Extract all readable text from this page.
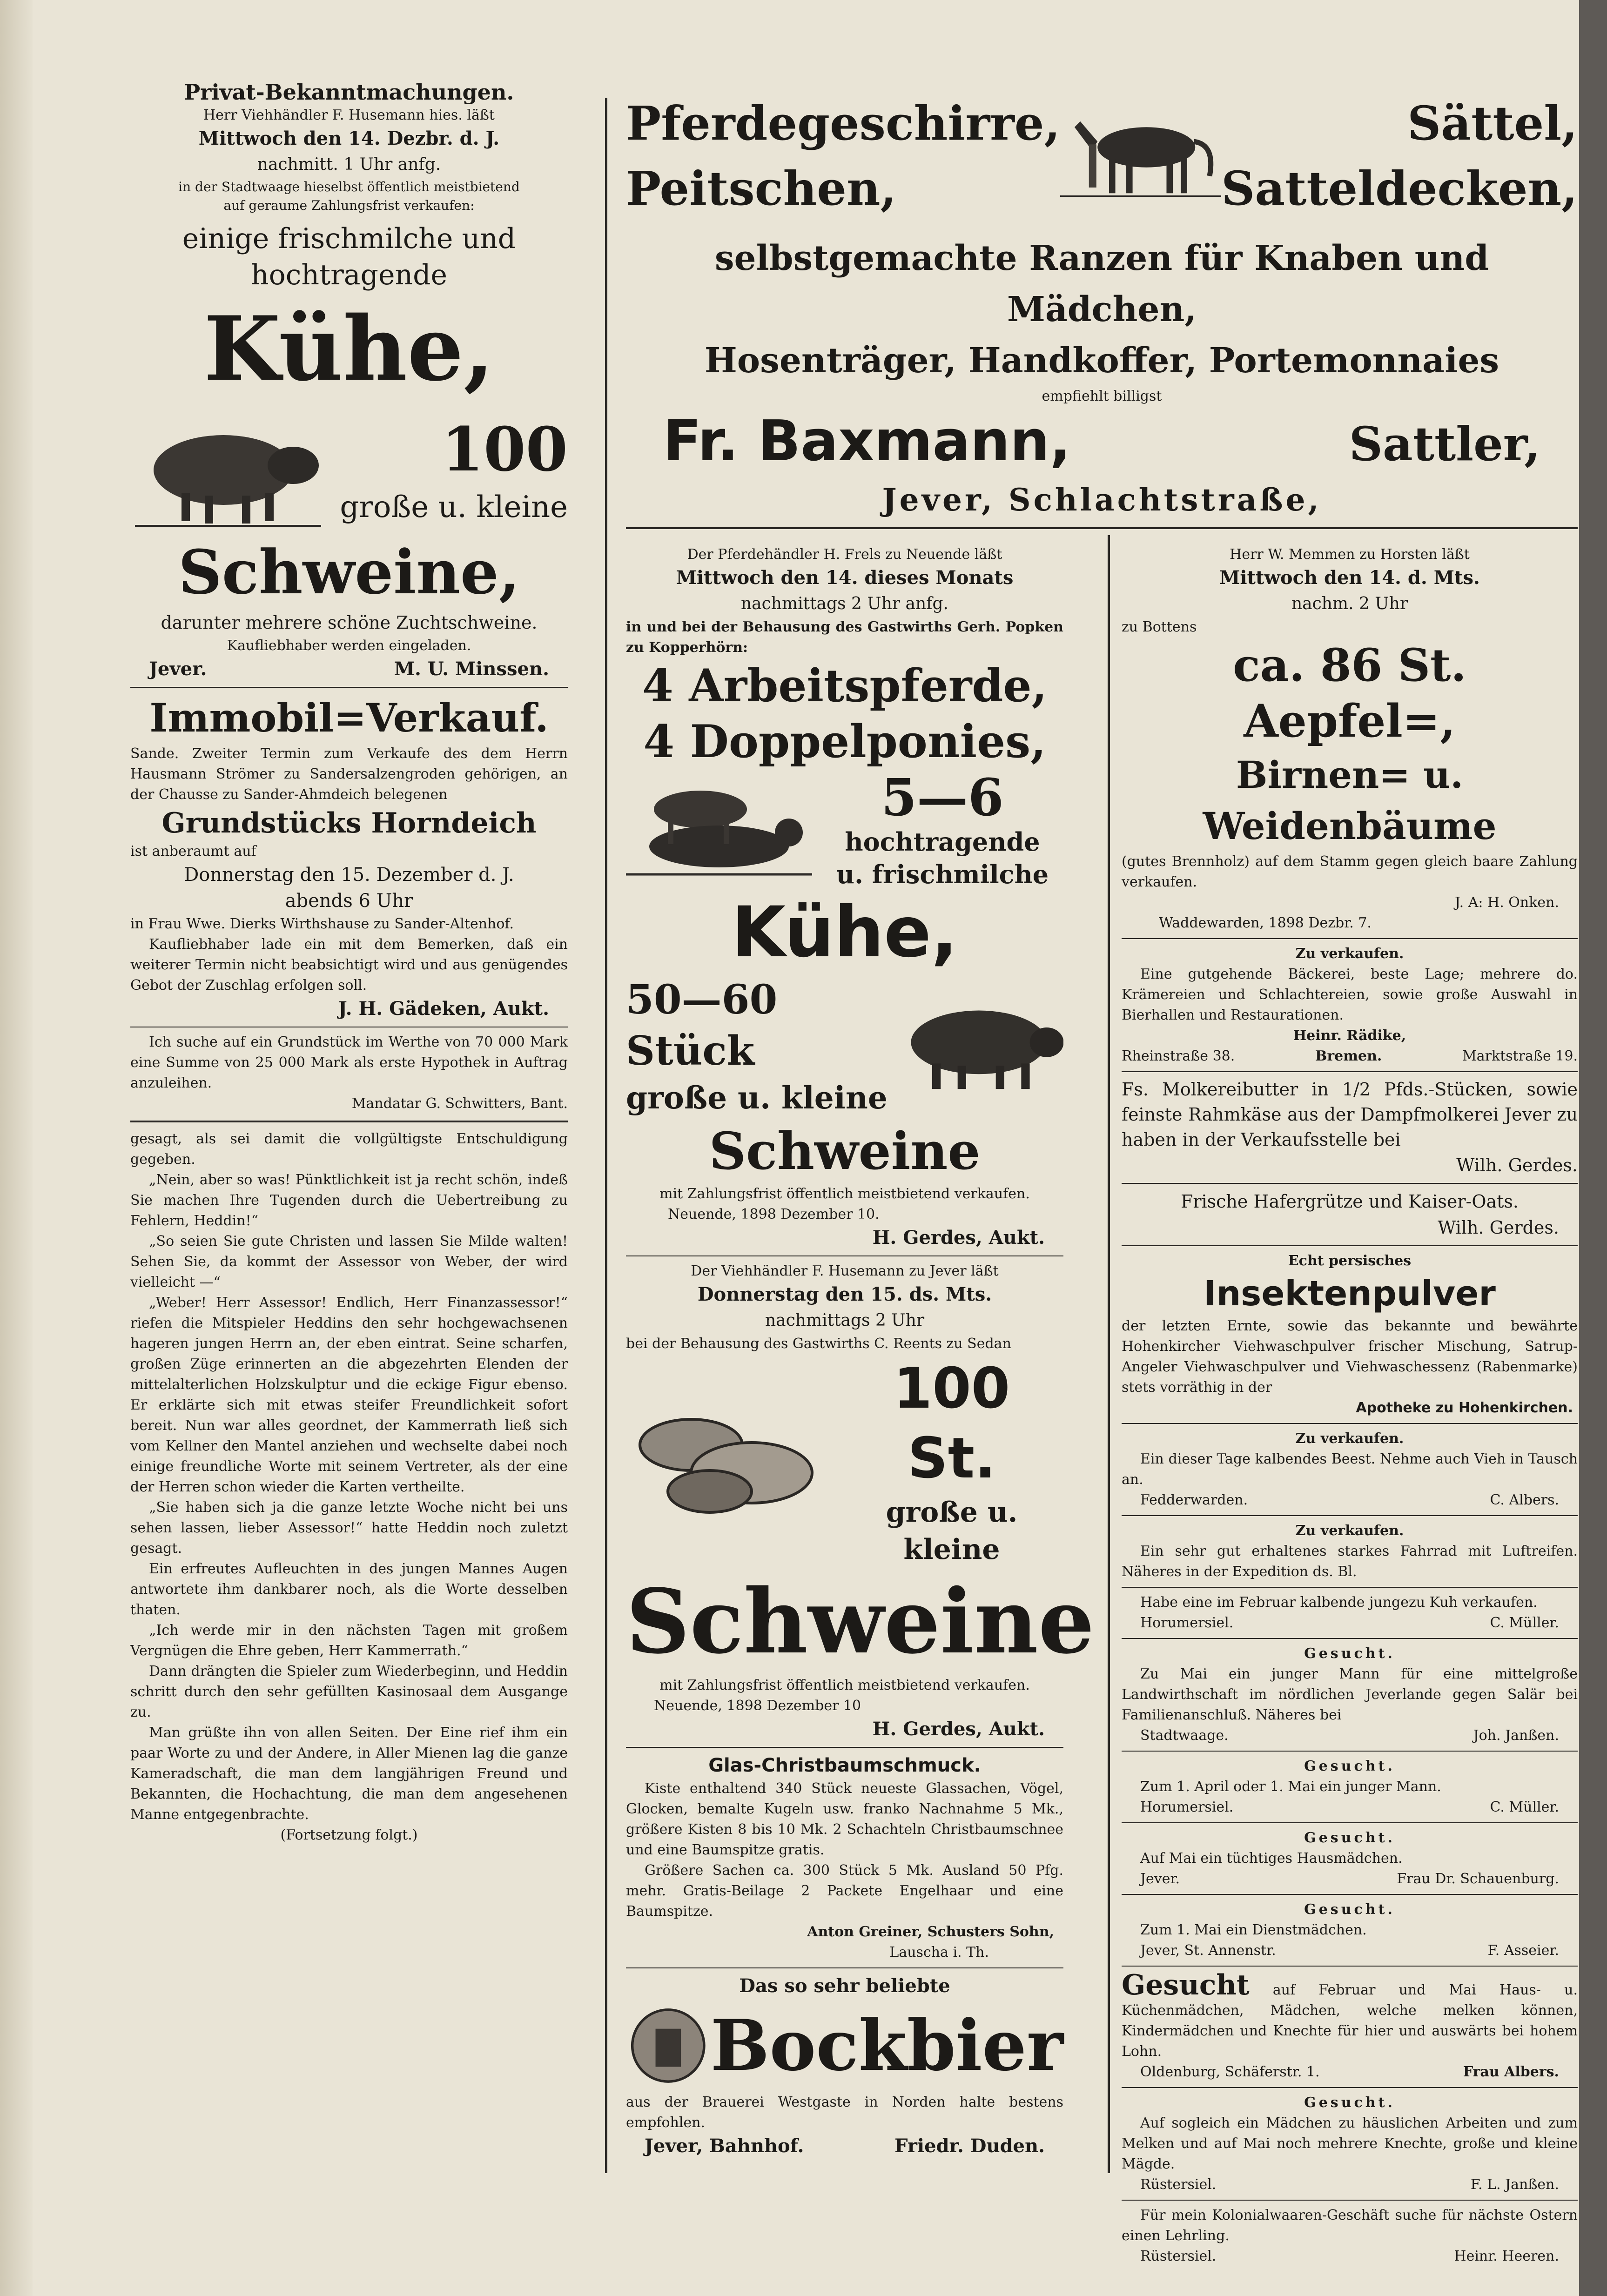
Privat-Bekanntmachungen.
Herr Viehhändler F. Husemann hies. läßt
Mittwoch den 14. Dezbr. d. J.
nachmitt. 1 Uhr anfg.
in der Stadtwaage hieselbst öffentlich meistbietend
auf geraume Zahlungsfrist verkaufen:
einige frischmilche und
hochtragende
Kühe,
100
große u. kleine
Schweine,
darunter mehrere schöne Zuchtschweine.
Kaufliebhaber werden eingeladen.
Jever.	M. U. Minssen.
Immobil=Verkauf.
Sande. Zweiter Termin zum Verkaufe des dem Herrn Hausmann Strömer zu Sandersalzengroden gehörigen, an der Chausse zu Sander-Ahmdeich belegenen
Grundstücks Horndeich
ist anberaumt auf
Donnerstag den 15. Dezember d. J.
abends 6 Uhr
in Frau Wwe. Dierks Wirthshause zu Sander-Altenhof.
Kaufliebhaber lade ein mit dem Bemerken, daß ein weiterer Termin nicht beabsichtigt wird und aus genügendes Gebot der Zuschlag erfolgen soll.
J. H. Gädeken, Aukt.
Ich suche auf ein Grundstück im Werthe von 70 000 Mark eine Summe von 25 000 Mark als erste Hypothek in Auftrag anzuleihen.
Mandatar G. Schwitters, Bant.
gesagt, als sei damit die vollgültigste Entschuldigung gegeben.
„Nein, aber so was! Pünktlichkeit ist ja recht schön, indeß Sie machen Ihre Tugenden durch die Uebertreibung zu Fehlern, Heddin!“
„So seien Sie gute Christen und lassen Sie Milde walten! Sehen Sie, da kommt der Assessor von Weber, der wird vielleicht —“
„Weber! Herr Assessor! Endlich, Herr Finanzassessor!“ riefen die Mitspieler Heddins den sehr hochgewachsenen hageren jungen Herrn an, der eben eintrat. Seine scharfen, großen Züge erinnerten an die abgezehrten Elenden der mittelalterlichen Holzskulptur und die eckige Figur ebenso. Er erklärte sich mit etwas steifer Freundlichkeit sofort bereit. Nun war alles geordnet, der Kammerrath ließ sich vom Kellner den Mantel anziehen und wechselte dabei noch einige freundliche Worte mit seinem Vertreter, als der eine der Herren schon wieder die Karten vertheilte.
„Sie haben sich ja die ganze letzte Woche nicht bei uns sehen lassen, lieber Assessor!“ hatte Heddin noch zuletzt gesagt.
Ein erfreutes Aufleuchten in des jungen Mannes Augen antwortete ihm dankbarer noch, als die Worte desselben thaten.
„Ich werde mir in den nächsten Tagen mit großem Vergnügen die Ehre geben, Herr Kammerrath.“
Dann drängten die Spieler zum Wiederbeginn, und Heddin schritt durch den sehr gefüllten Kasinosaal dem Ausgange zu.
Man grüßte ihn von allen Seiten. Der Eine rief ihm ein paar Worte zu und der Andere, in Aller Mienen lag die ganze Kameradschaft, die man dem langjährigen Freund und Bekannten, die Hochachtung, die man dem angesehenen Manne entgegenbrachte.
(Fortsetzung folgt.)
Pferdegeschirre,
Peitschen,
Sättel,
Satteldecken,
selbstgemachte Ranzen für Knaben und Mädchen,
Hosenträger, Handkoffer, Portemonnaies
empfiehlt billigst
Fr. Baxmann,	Sattler,
Jever, Schlachtstraße,
Der Pferdehändler H. Frels zu Neuende läßt
Mittwoch den 14. dieses Monats
nachmittags 2 Uhr anfg.
in und bei der Behausung des Gastwirths Gerh. Popken zu Kopperhörn:
4 Arbeitspferde,
4 Doppelponies,
5—6
hochtragende
u. frischmilche
Kühe,
50—60 Stück
große u. kleine
Schweine
mit Zahlungsfrist öffentlich meistbietend verkaufen.
Neuende, 1898 Dezember 10.
H. Gerdes, Aukt.
Der Viehhändler F. Husemann zu Jever läßt
Donnerstag den 15. ds. Mts.
nachmittags 2 Uhr
bei der Behausung des Gastwirths C. Reents zu Sedan
100 St.
große u. kleine
Schweine
mit Zahlungsfrist öffentlich meistbietend verkaufen.
Neuende, 1898 Dezember 10
H. Gerdes, Aukt.
Glas-Christbaumschmuck.
Kiste enthaltend 340 Stück neueste Glassachen, Vögel, Glocken, bemalte Kugeln usw. franko Nachnahme 5 Mk., größere Kisten 8 bis 10 Mk. 2 Schachteln Christbaumschnee und eine Baumspitze gratis.
Größere Sachen ca. 300 Stück 5 Mk. Ausland 50 Pfg. mehr. Gratis-Beilage 2 Packete Engelhaar und eine Baumspitze.
Anton Greiner, Schusters Sohn,
Lauscha i. Th.
Das so sehr beliebte
Bockbier
aus der Brauerei Westgaste in Norden halte bestens empfohlen.
Jever, Bahnhof.	Friedr. Duden.
Herr W. Memmen zu Horsten läßt
Mittwoch den 14. d. Mts.
nachm. 2 Uhr
zu Bottens
ca. 86 St. Aepfel=,
Birnen= u. Weidenbäume
(gutes Brennholz) auf dem Stamm gegen gleich baare Zahlung verkaufen.
J. A: H. Onken.
Waddewarden, 1898 Dezbr. 7.
Zu verkaufen.
Eine gutgehende Bäckerei, beste Lage; mehrere do. Krämereien und Schlachtereien, sowie große Auswahl in Bierhallen und Restaurationen.
Heinr. Rädike,
Rheinstraße 38.	Bremen.	Marktstraße 19.
Fs. Molkereibutter in 1/2 Pfds.-Stücken, sowie feinste Rahmkäse aus der Dampfmolkerei Jever zu haben in der Verkaufsstelle bei
Wilh. Gerdes.
Frische Hafergrütze und Kaiser-Oats.
Wilh. Gerdes.
Echt persisches
Insektenpulver
der letzten Ernte, sowie das bekannte und bewährte Hohenkircher Viehwaschpulver frischer Mischung, Satrup-Angeler Viehwaschpulver und Viehwaschessenz (Rabenmarke) stets vorräthig in der
Apotheke zu Hohenkirchen.
Zu verkaufen.
Ein dieser Tage kalbendes Beest. Nehme auch Vieh in Tausch an.
Fedderwarden.	C. Albers.
Zu verkaufen.
Ein sehr gut erhaltenes starkes Fahrrad mit Luftreifen. Näheres in der Expedition ds. Bl.
Habe eine im Februar kalbende jungezu Kuh verkaufen.
Horumersiel.	C. Müller.
Gesucht.
Zu Mai ein junger Mann für eine mittelgroße Landwirthschaft im nördlichen Jeverlande gegen Salär bei Familienanschluß. Näheres bei
Stadtwaage.	Joh. Janßen.
Gesucht.
Zum 1. April oder 1. Mai ein junger Mann.
Horumersiel.	C. Müller.
Gesucht.
Auf Mai ein tüchtiges Hausmädchen.
Jever.	Frau Dr. Schauenburg.
Gesucht.
Zum 1. Mai ein Dienstmädchen.
Jever, St. Annenstr.	F. Asseier.
Gesucht auf Februar und Mai Haus- u. Küchenmädchen, Mädchen, welche melken können, Kindermädchen und Knechte für hier und auswärts bei hohem Lohn.
Oldenburg, Schäferstr. 1.	Frau Albers.
Gesucht.
Auf sogleich ein Mädchen zu häuslichen Arbeiten und zum Melken und auf Mai noch mehrere Knechte, große und kleine Mägde.
Rüstersiel.	F. L. Janßen.
Für mein Kolonialwaaren-Geschäft suche für nächste Ostern einen Lehrling.
Rüstersiel.	Heinr. Heeren.
